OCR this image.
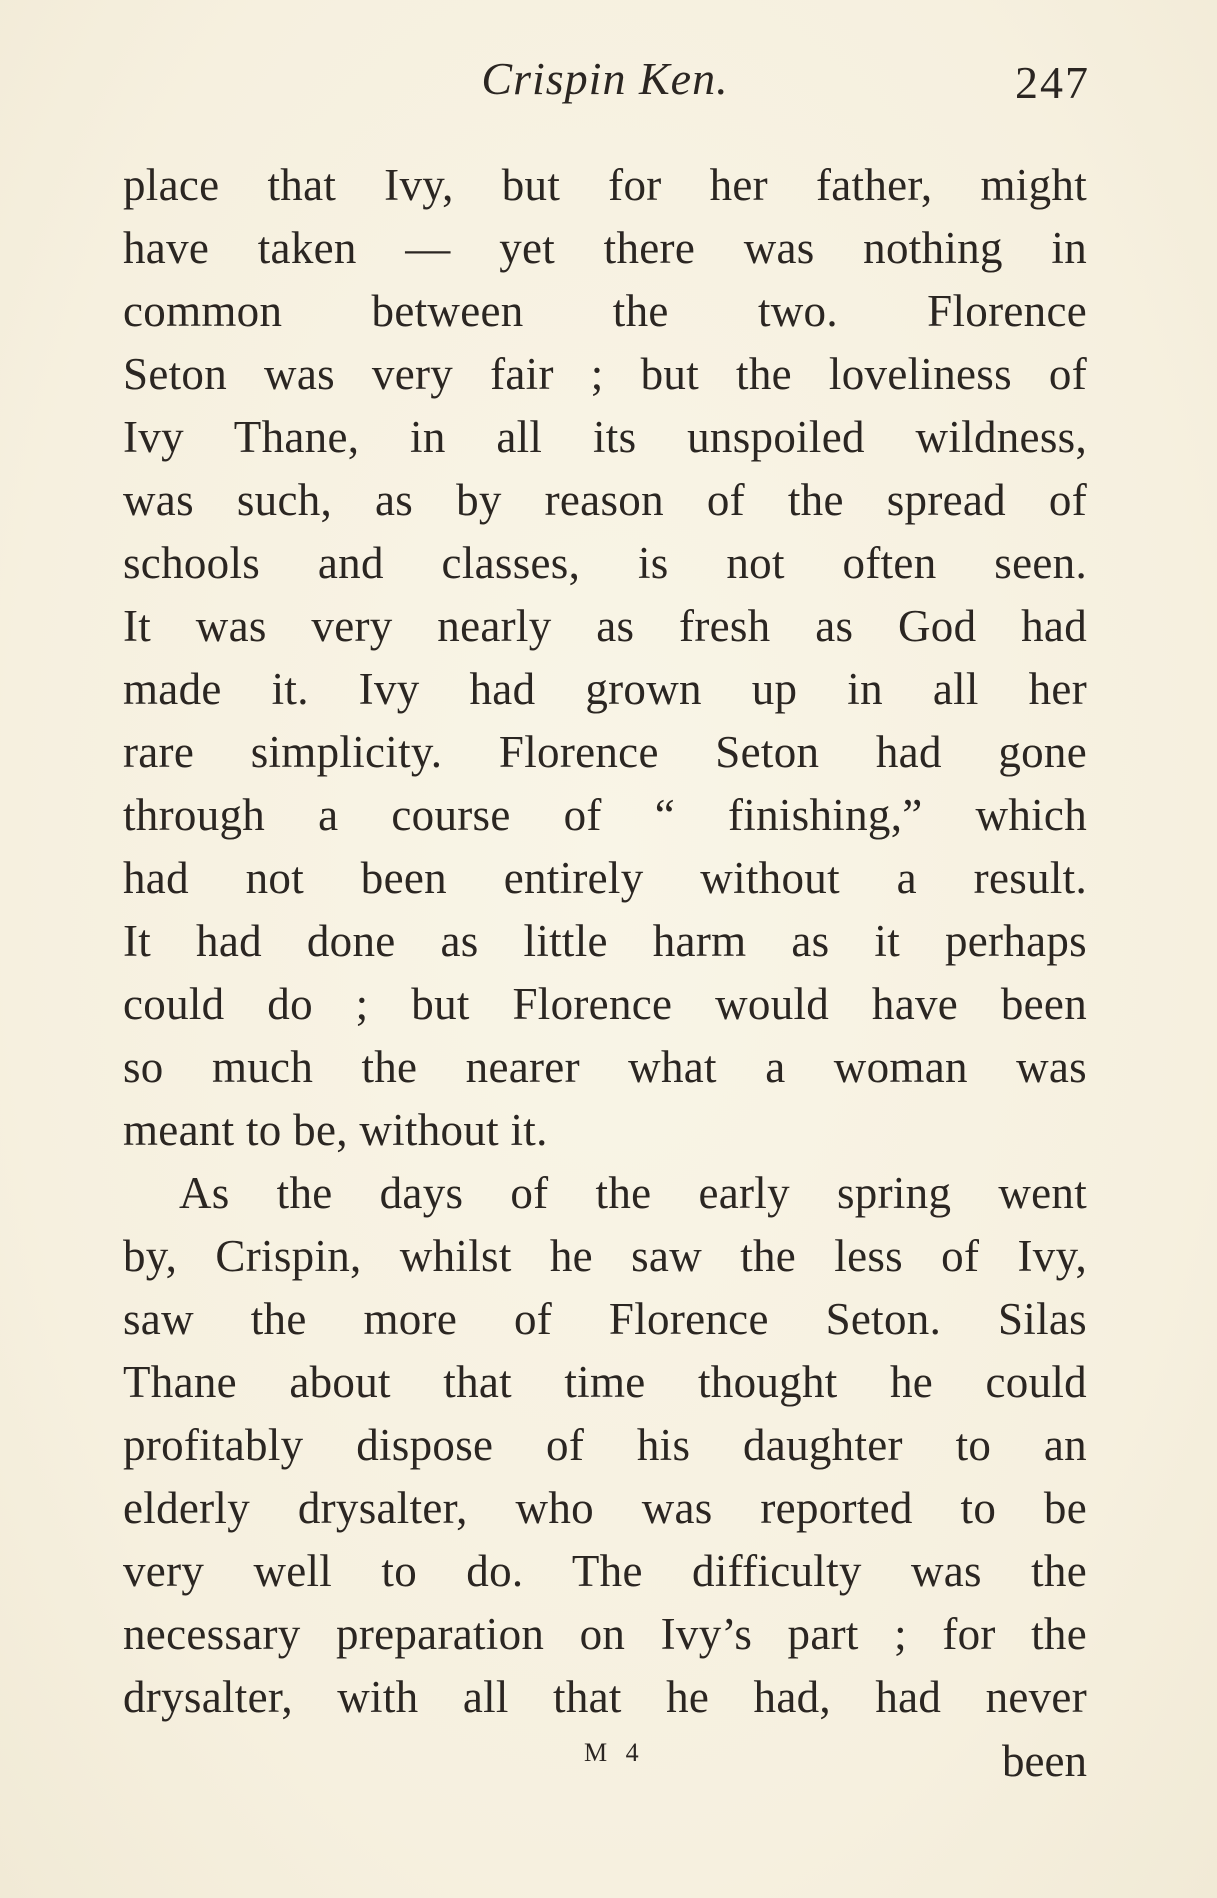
Crispin Ken.	247
place that Ivy, but for her father, might
have taken — yet there was nothing in
common between the two. Florence
Seton was very fair ; but the loveliness of
Ivy Thane, in all its unspoiled wildness,
was such, as by reason of the spread of
schools and classes, is not often seen.
It was very nearly as fresh as God had
made it. Ivy had grown up in all her
rare simplicity. Florence Seton had gone
through a course of “ finishing,” which
had not been entirely without a result.
It had done as little harm as it perhaps
could do ; but Florence would have been
so much the nearer what a woman was
meant to be, without it.
As the days of the early spring went
by, Crispin, whilst he saw the less of Ivy,
saw the more of Florence Seton. Silas
Thane about that time thought he could
profitably dispose of his daughter to an
elderly drysalter, who was reported to be
very well to do. The difficulty was the
necessary preparation on Ivy’s part ; for the
drysalter, with all that he had, had never
M 4	been
